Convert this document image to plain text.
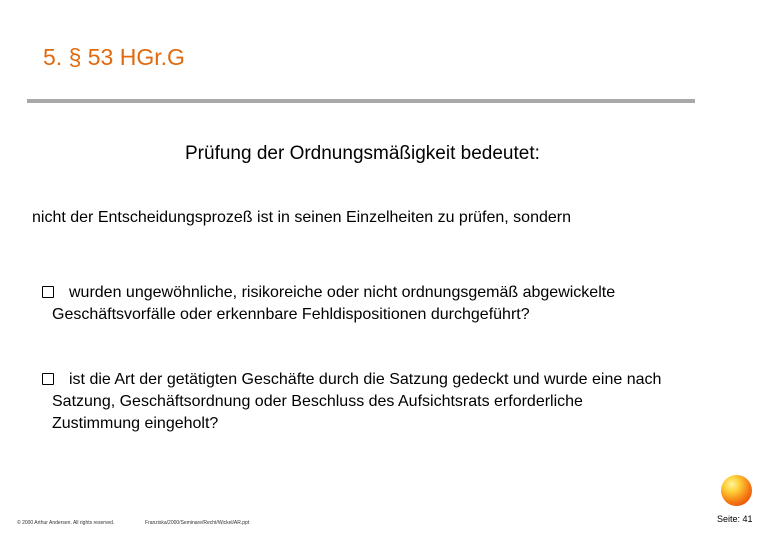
5. § 53 HGr.G
Prüfung der Ordnungsmäßigkeit bedeutet:
nicht der Entscheidungsprozeß ist in seinen Einzelheiten zu prüfen, sondern
wurden ungewöhnliche, risikoreiche oder nicht ordnungsgemäß abgewickelte
Geschäftsvorfälle oder erkennbare Fehldispositionen durchgeführt?
ist die Art der getätigten Geschäfte durch die Satzung gedeckt und wurde eine nach
Satzung, Geschäftsordnung oder Beschluss des Aufsichtsrats erforderliche
Zustimmung eingeholt?
© 2000 Arthur Andersen. All rights reserved.	Franziska/2000/Seminare/Recht/Wickel/AR.ppt	Seite: 41
